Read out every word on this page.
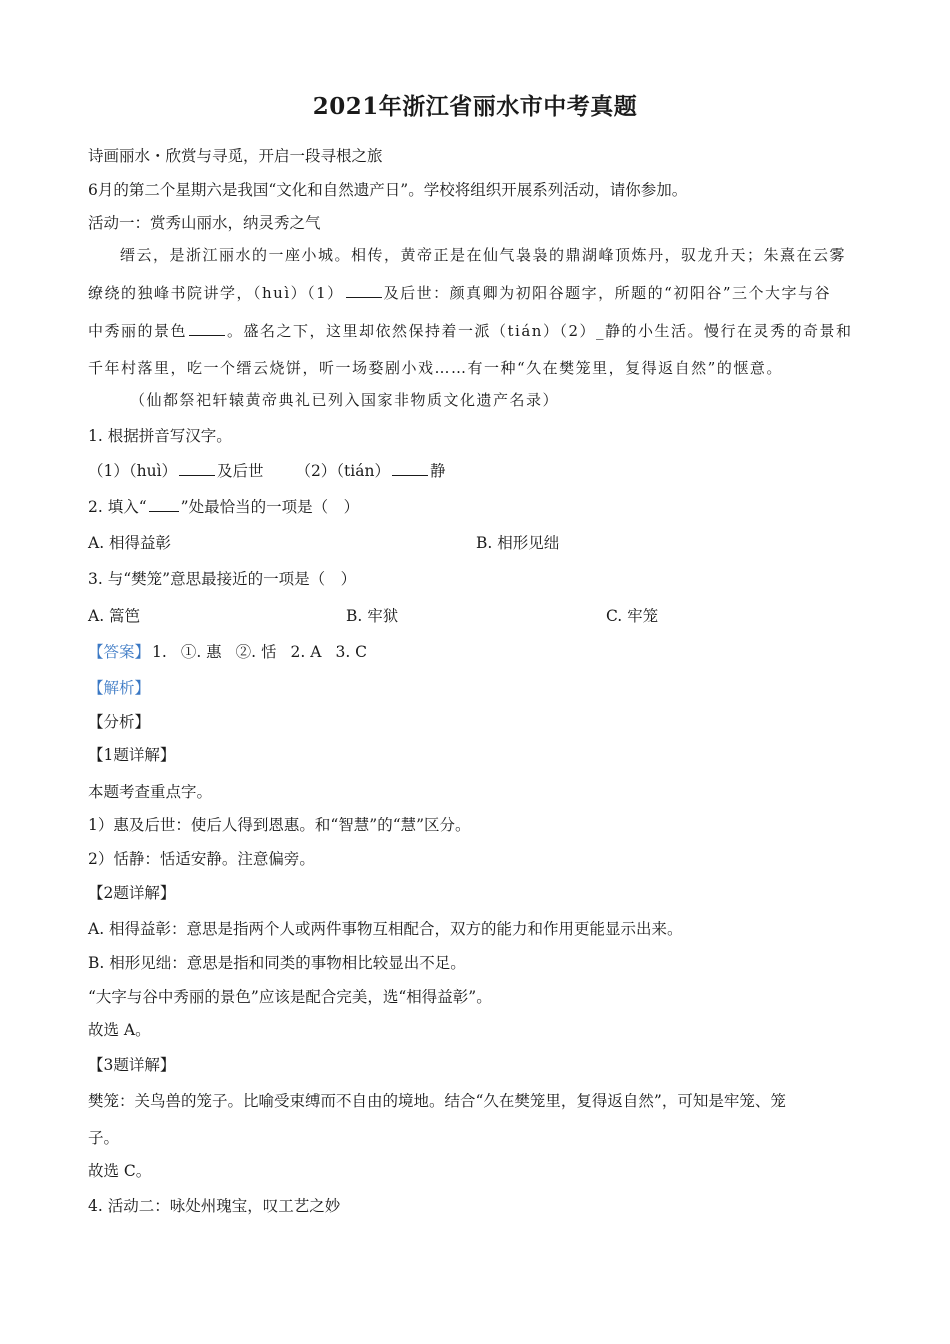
2021年浙江省丽水市中考真题
诗画丽水・欣赏与寻觅，开启一段寻根之旅
6月的第二个星期六是我国“文化和自然遗产日”。学校将组织开展系列活动，请你参加。
活动一：赏秀山丽水，纳灵秀之气
缙云，是浙江丽水的一座小城。相传，黄帝正是在仙气袅袅的鼎湖峰顶炼丹，驭龙升天；朱熹在云雾
缭绕的独峰书院讲学，（huì）（1）	及后世：颜真卿为初阳谷题字，所题的“初阳谷”三个大字与谷
中秀丽的景色	。盛名之下，这里却依然保持着一派（tián）（2）_静的小生活。慢行在灵秀的奇景和
千年村落里，吃一个缙云烧饼，听一场婺剧小戏……有一种“久在樊笼里，复得返自然”的惬意。
（仙都祭祀轩辕黄帝典礼已列入国家非物质文化遗产名录）
1. 根据拼音写汉字。
（1）（huì）	及后世 （2）（tián）	静
2. 填入“ ”处最恰当的一项是（　）
A. 相得益彰	B. 相形见绌
3. 与“樊笼”意思最接近的一项是（　）
A. 篙笆	B. 牢狱	C. 牢笼
【答案】 1. ①. 惠 ②. 恬 2. A 3. C
【解析】
【分析】
【1题详解】
本题考查重点字。
1）惠及后世：使后人得到恩惠。和“智慧”的“慧”区分。
2）恬静：恬适安静。注意偏旁。
【2题详解】
A. 相得益彰：意思是指两个人或两件事物互相配合，双方的能力和作用更能显示出来。
B. 相形见绌：意思是指和同类的事物相比较显出不足。
“大字与谷中秀丽的景色”应该是配合完美，选“相得益彰”。
故选 A。
【3题详解】
樊笼：关鸟兽的笼子。比喻受束缚而不自由的境地。结合“久在樊笼里，复得返自然”，可知是牢笼、笼
子。
故选 C。
4. 活动二：咏处州瑰宝，叹工艺之妙
